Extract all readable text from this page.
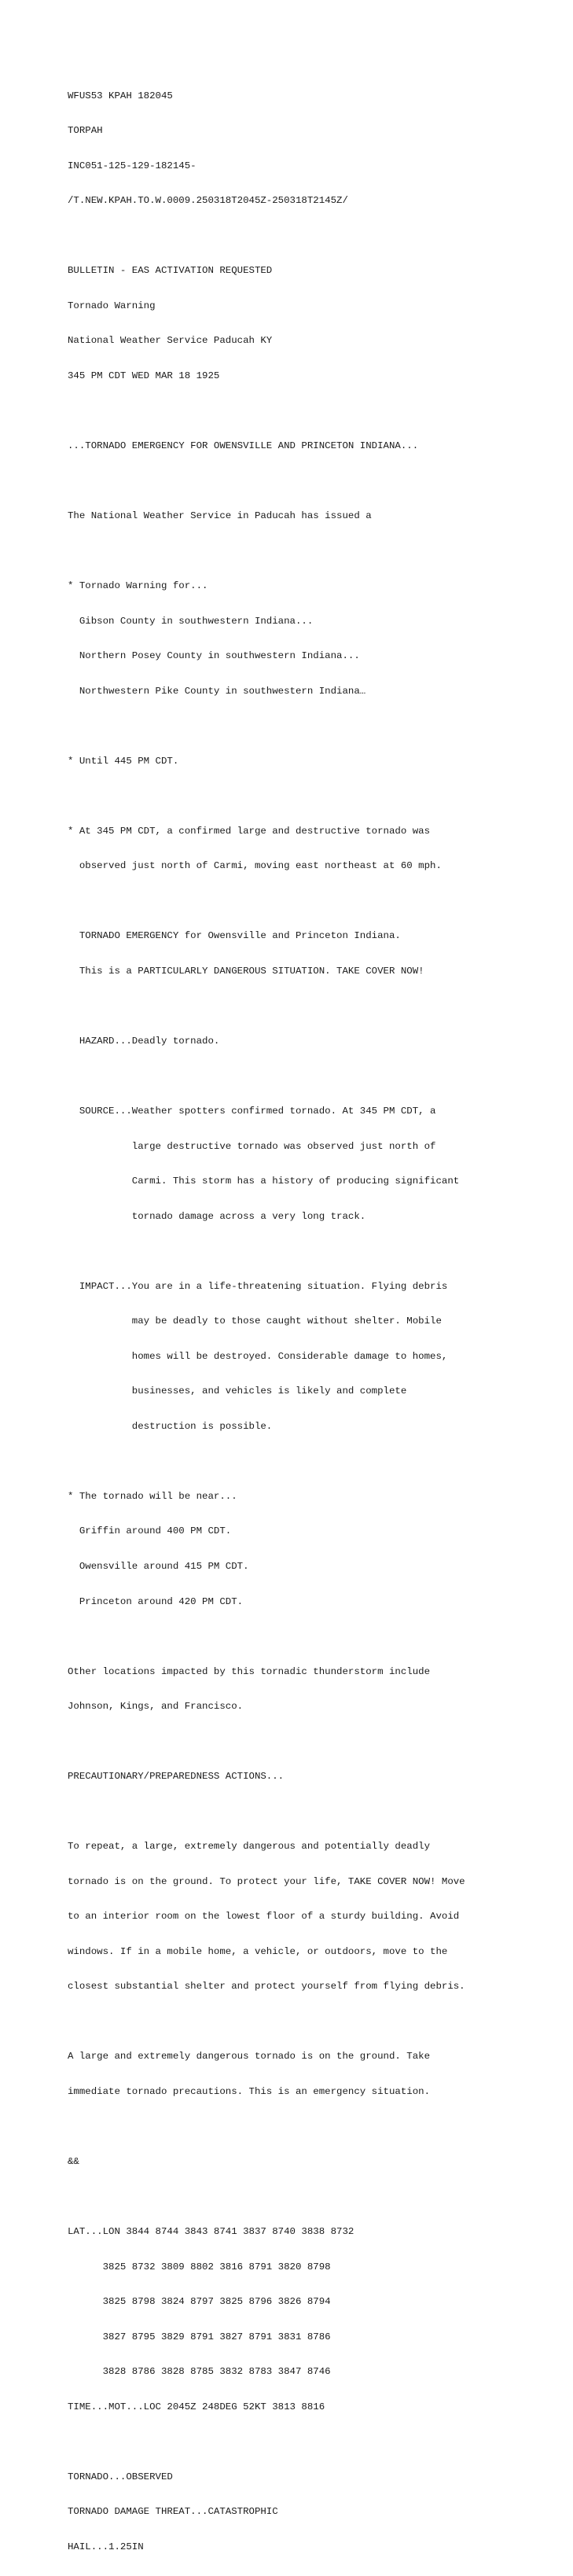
WFUS53 KPAH 182045

TORPAH

INC051-125-129-182145-

/T.NEW.KPAH.TO.W.0009.250318T2045Z-250318T2145Z/

BULLETIN - EAS ACTIVATION REQUESTED

Tornado Warning

National Weather Service Paducah KY

345 PM CDT WED MAR 18 1925

...TORNADO EMERGENCY FOR OWENSVILLE AND PRINCETON INDIANA...

The National Weather Service in Paducah has issued a

* Tornado Warning for...

Gibson County in southwestern Indiana...

Northern Posey County in southwestern Indiana...

Northwestern Pike County in southwestern Indiana…

* Until 445 PM CDT.

* At 345 PM CDT, a confirmed large and destructive tornado was

observed just north of Carmi, moving east northeast at 60 mph.

TORNADO EMERGENCY for Owensville and Princeton Indiana.

This is a PARTICULARLY DANGEROUS SITUATION. TAKE COVER NOW!

HAZARD...Deadly tornado.

SOURCE...Weather spotters confirmed tornado. At 345 PM CDT, a

large destructive tornado was observed just north of

Carmi. This storm has a history of producing significant

tornado damage across a very long track.

IMPACT...You are in a life-threatening situation. Flying debris

may be deadly to those caught without shelter. Mobile

homes will be destroyed. Considerable damage to homes,

businesses, and vehicles is likely and complete

destruction is possible.

* The tornado will be near...

Griffin around 400 PM CDT.

Owensville around 415 PM CDT.

Princeton around 420 PM CDT.

Other locations impacted by this tornadic thunderstorm include

Johnson, Kings, and Francisco.

PRECAUTIONARY/PREPAREDNESS ACTIONS...

To repeat, a large, extremely dangerous and potentially deadly

tornado is on the ground. To protect your life, TAKE COVER NOW! Move

to an interior room on the lowest floor of a sturdy building. Avoid

windows. If in a mobile home, a vehicle, or outdoors, move to the

closest substantial shelter and protect yourself from flying debris.

A large and extremely dangerous tornado is on the ground. Take

immediate tornado precautions. This is an emergency situation.

&&

LAT...LON 3844 8744 3843 8741 3837 8740 3838 8732

3825 8732 3809 8802 3816 8791 3820 8798

3825 8798 3824 8797 3825 8796 3826 8794

3827 8795 3829 8791 3827 8791 3831 8786

3828 8786 3828 8785 3832 8783 3847 8746

TIME...MOT...LOC 2045Z 248DEG 52KT 3813 8816

TORNADO...OBSERVED

TORNADO DAMAGE THREAT...CATASTROPHIC

HAIL...1.25IN
